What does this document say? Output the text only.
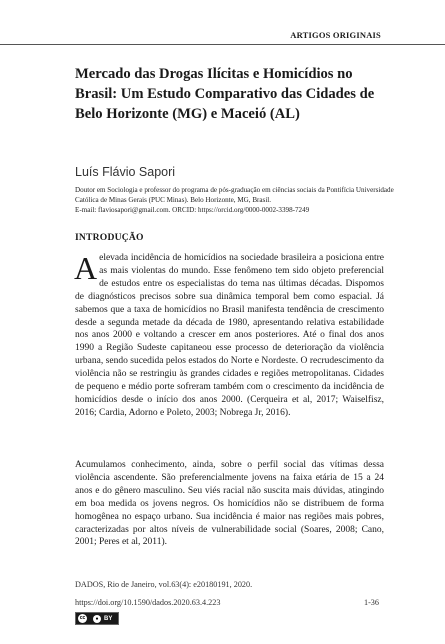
ARTIGOS ORIGINAIS
Mercado das Drogas Ilícitas e Homicídios no Brasil: Um Estudo Comparativo das Cidades de Belo Horizonte (MG) e Maceió (AL)
Luís Flávio Sapori
Doutor em Sociologia e professor do programa de pós-graduação em ciências sociais da Pontifícia Universidade Católica de Minas Gerais (PUC Minas). Belo Horizonte, MG, Brasil.
E-mail: flaviosapori@gmail.com. ORCID: https://orcid.org/0000-0002-3398-7249
INTRODUÇÃO
A elevada incidência de homicídios na sociedade brasileira a posiciona entre as mais violentas do mundo. Esse fenômeno tem sido objeto preferencial de estudos entre os especialistas do tema nas últimas décadas. Dispomos de diagnósticos precisos sobre sua dinâmica temporal bem como espacial. Já sabemos que a taxa de homicídios no Brasil manifesta tendência de crescimento desde a segunda metade da década de 1980, apresentando relativa estabilidade nos anos 2000 e voltando a crescer em anos posteriores. Até o final dos anos 1990 a Região Sudeste capitaneou esse processo de deterioração da violência urbana, sendo sucedida pelos estados do Norte e Nordeste. O recrudescimento da violência não se restringiu às grandes cidades e regiões metropolitanas. Cidades de pequeno e médio porte sofreram também com o crescimento da incidência de homicídios desde o início dos anos 2000. (Cerqueira et al, 2017; Waiselfisz, 2016; Cardia, Adorno e Poleto, 2003; Nobrega Jr, 2016).
Acumulamos conhecimento, ainda, sobre o perfil social das vítimas dessa violência ascendente. São preferencialmente jovens na faixa etária de 15 a 24 anos e do gênero masculino. Seu viés racial não suscita mais dúvidas, atingindo em boa medida os jovens negros. Os homicídios não se distribuem de forma homogênea no espaço urbano. Sua incidência é maior nas regiões mais pobres, caracterizadas por altos níveis de vulnerabilidade social (Soares, 2008; Cano, 2001; Peres et al, 2011).
DADOS, Rio de Janeiro, vol.63(4): e20180191, 2020.
https://doi.org/10.1590/dados.2020.63.4.223	1-36
cc	● BY
